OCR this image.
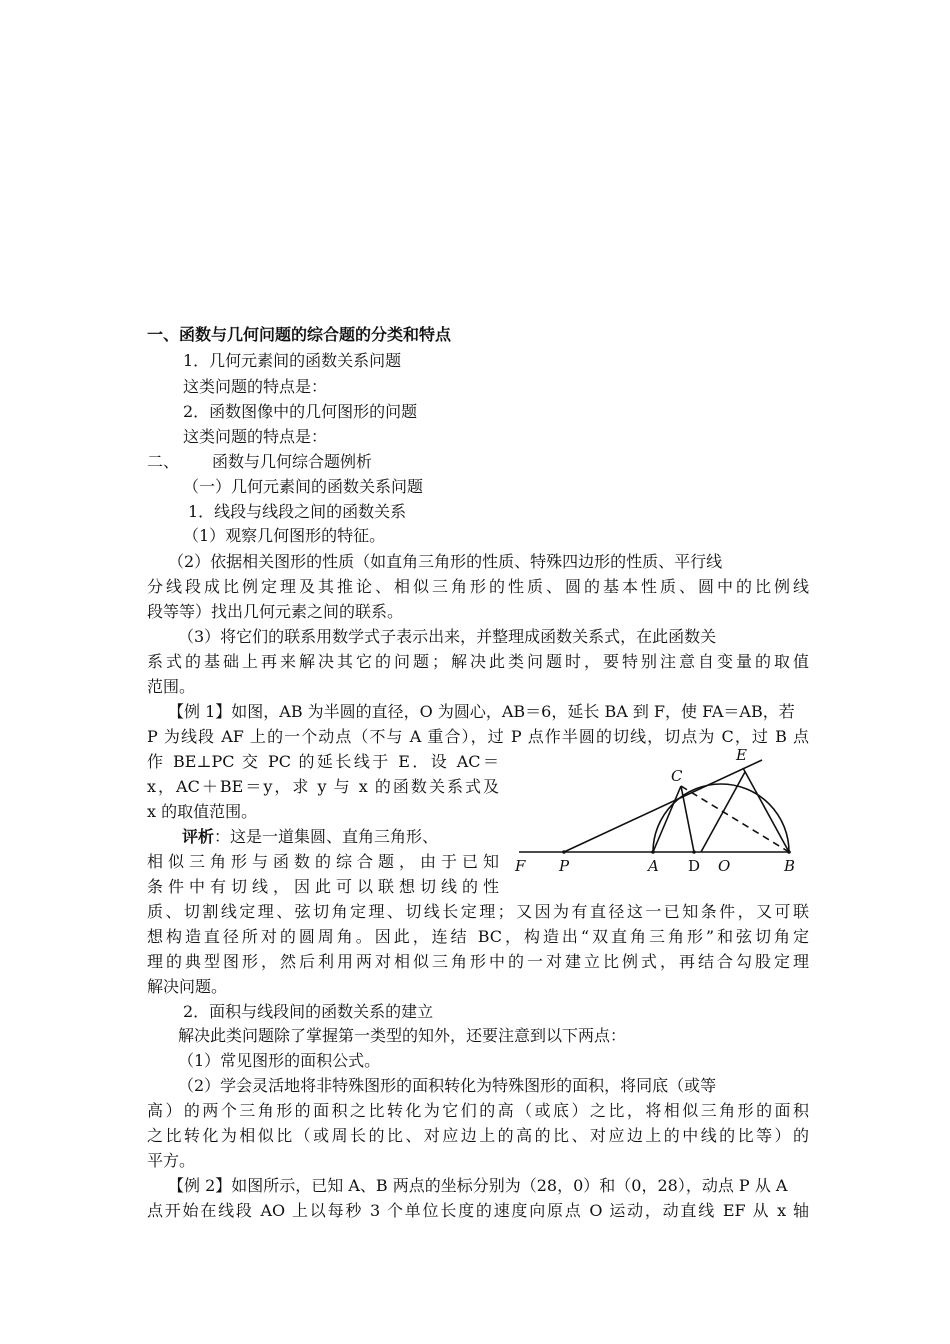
一、函数与几何问题的综合题的分类和特点
1．几何元素间的函数关系问题
这类问题的特点是：
2．函数图像中的几何图形的问题
这类问题的特点是：
二、 函数与几何综合题例析
（一）几何元素间的函数关系问题
1．线段与线段之间的函数关系
（1）观察几何图形的特征。
（2）依据相关图形的性质（如直角三角形的性质、特殊四边形的性质、平行线
分线段成比例定理及其推论、相似三角形的性质、圆的基本性质、圆中的比例线
段等等）找出几何元素之间的联系。
（3）将它们的联系用数学式子表示出来，并整理成函数关系式，在此函数关
系式的基础上再来解决其它的问题；解决此类问题时，要特别注意自变量的取值
范围。
【例 1】如图，AB 为半圆的直径，O 为圆心，AB＝6，延长 BA 到 F，使 FA＝AB，若
P 为线段 AF 上的一个动点（不与 A 重合），过 P 点作半圆的切线，切点为 C，过 B 点
作 BE⊥PC 交 PC 的延长线于 E．设 AC＝
x，AC＋BE＝y，求 y 与 x 的函数关系式及
x 的取值范围。
评析：这是一道集圆、直角三角形、
相似三角形与函数的综合题，由于已知
条件中有切线，因此可以联想切线的性
质、切割线定理、弦切角定理、切线长定理；又因为有直径这一已知条件，又可联
想构造直径所对的圆周角。因此，连结 BC，构造出“双直角三角形”和弦切角定
理的典型图形，然后利用两对相似三角形中的一对建立比例式，再结合勾股定理
解决问题。
F P	A D O	B
C
E
2．面积与线段间的函数关系的建立
解决此类问题除了掌握第一类型的知外，还要注意到以下两点：
（1）常见图形的面积公式。
（2）学会灵活地将非特殊图形的面积转化为特殊图形的面积，将同底（或等
高）的两个三角形的面积之比转化为它们的高（或底）之比，将相似三角形的面积
之比转化为相似比（或周长的比、对应边上的高的比、对应边上的中线的比等）的
平方。
【例 2】如图所示，已知 A、B 两点的坐标分别为（28，0）和（0，28），动点 P 从 A
点开始在线段 AO 上以每秒 3 个单位长度的速度向原点 O 运动，动直线 EF 从 x 轴
